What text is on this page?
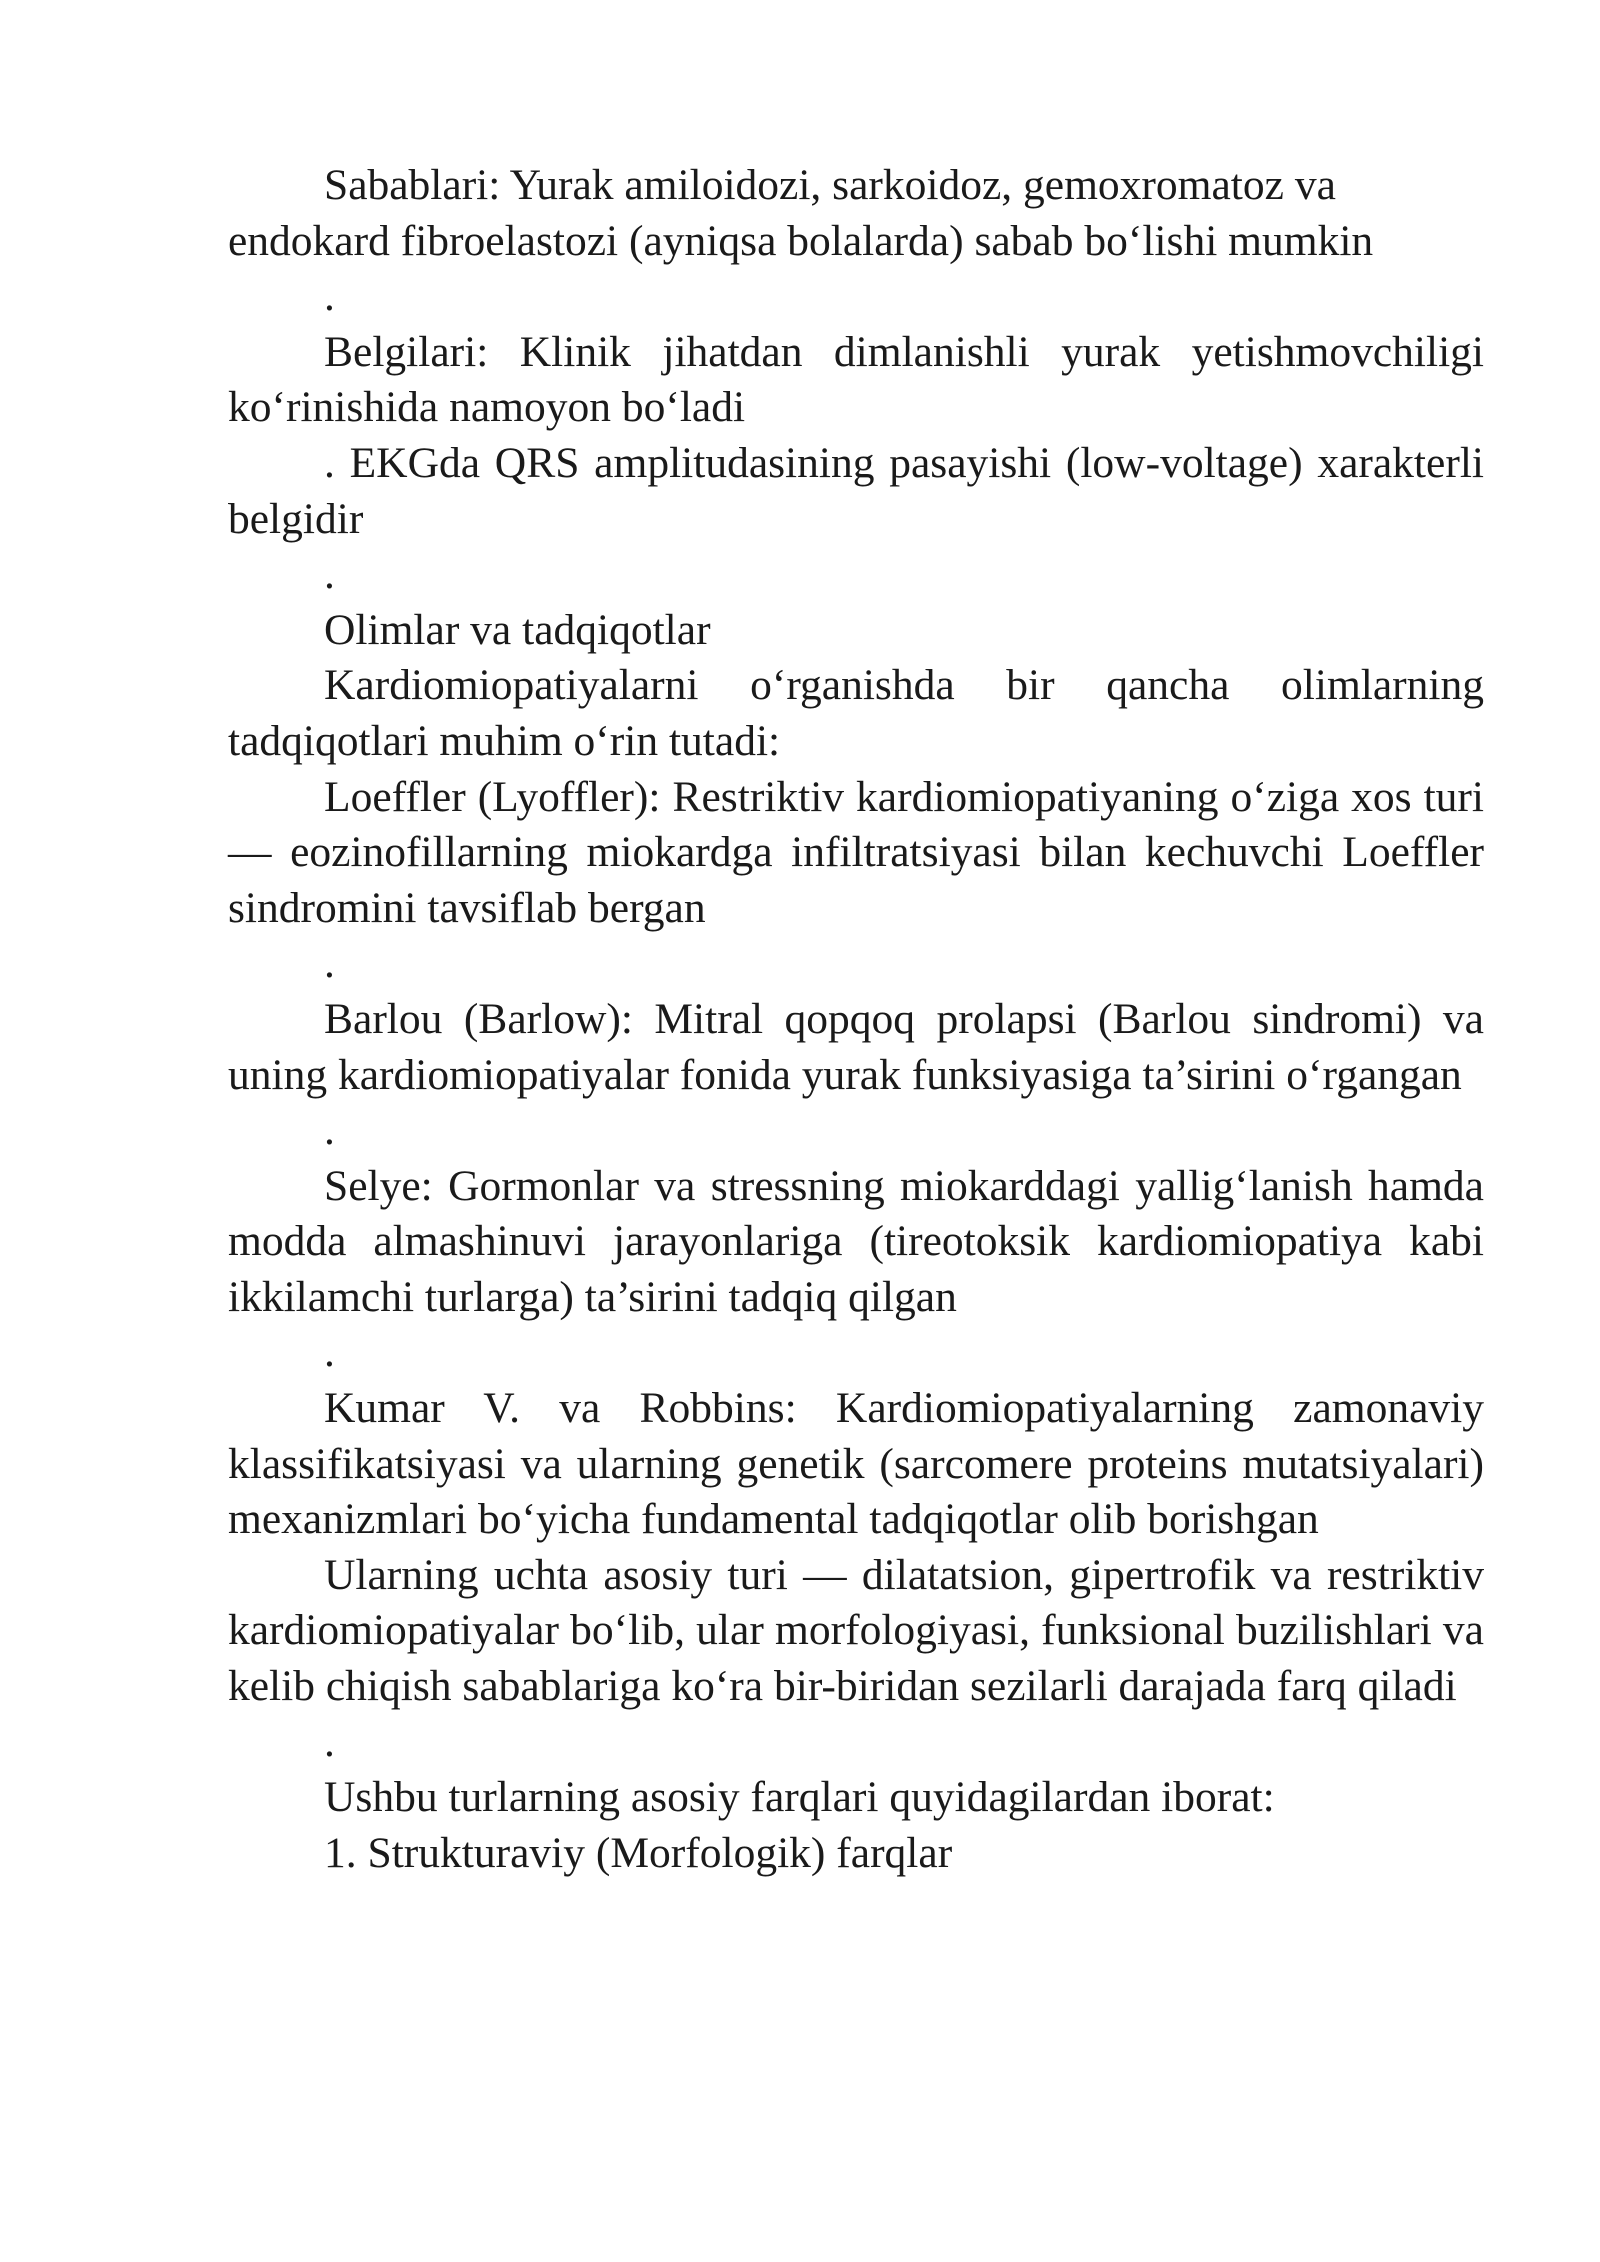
Sabablari: Yurak amiloidozi, sarkoidoz, gemoxromatoz va endokard fibroelastozi (ayniqsa bolalarda) sabab bo‘lishi mumkin

.

Belgilari: Klinik jihatdan dimlanishli yurak yetishmovchiligi ko‘rinishida namoyon bo‘ladi

. EKGda QRS amplitudasining pasayishi (low-voltage) xarakterli belgidir

.

Olimlar va tadqiqotlar

Kardiomiopatiyalarni o‘rganishda bir qancha olimlarning tadqiqotlari muhim o‘rin tutadi:

Loeffler (Lyoffler): Restriktiv kardiomiopatiyaning o‘ziga xos turi — eozinofillarning miokardga infiltratsiyasi bilan kechuvchi Loeffler sindromini tavsiflab bergan

.

Barlou (Barlow): Mitral qopqoq prolapsi (Barlou sindromi) va uning kardiomiopatiyalar fonida yurak funksiyasiga ta’sirini o‘rgangan

.

Selye: Gormonlar va stressning miokarddagi yallig‘lanish hamda modda almashinuvi jarayonlariga (tireotoksik kardiomiopatiya kabi ikkilamchi turlarga) ta’sirini tadqiq qilgan

.

Kumar V. va Robbins: Kardiomiopatiyalarning zamonaviy klassifikatsiyasi va ularning genetik (sarcomere proteins mutatsiyalari) mexanizmlari bo‘yicha fundamental tadqiqotlar olib borishgan

Ularning uchta asosiy turi — dilatatsion, gipertrofik va restriktiv kardiomiopatiyalar bo‘lib, ular morfologiyasi, funksional buzilishlari va kelib chiqish sabablariga ko‘ra bir-biridan sezilarli darajada farq qiladi

.

Ushbu turlarning asosiy farqlari quyidagilardan iborat:

1. Strukturaviy (Morfologik) farqlar
